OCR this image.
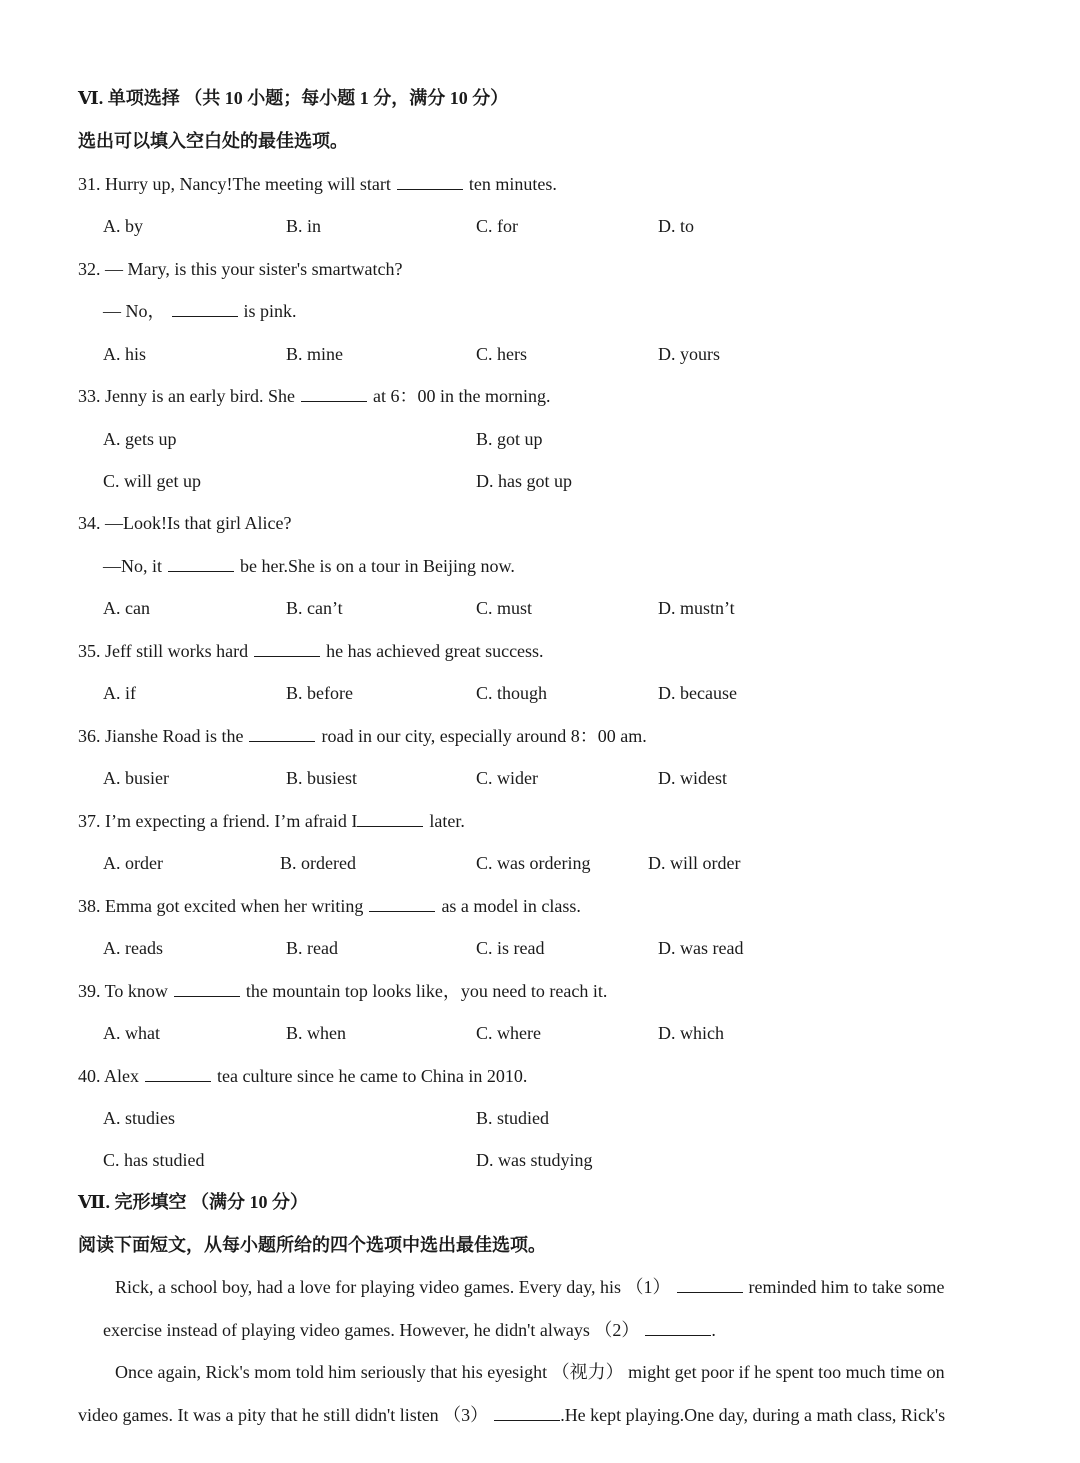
Ⅵ. 单项选择 （共 10 小题；每小题 1 分，满分 10 分）
选出可以填入空白处的最佳选项。
31. Hurry up, Nancy!The meeting will start	ten minutes.
A. by	B. in	C. for	D. to
32. — Mary, is this your sister's smartwatch?
— No，	is pink.
A. his	B. mine	C. hers	D. yours
33. Jenny is an early bird. She	at 6：00 in the morning.
A. gets up	B. got up
C. will get up	D. has got up
34. —Look!Is that girl Alice?
—No, it	be her.She is on a tour in Beijing now.
A. can	B. can’t	C. must	D. mustn’t
35. Jeff still works hard	he has achieved great success.
A. if	B. before	C. though	D. because
36. Jianshe Road is the	road in our city, especially around 8：00 am.
A. busier	B. busiest	C. wider	D. widest
37. I’m expecting a friend. I’m afraid I	later.
A. order	B. ordered	C. was ordering	D. will order
38. Emma got excited when her writing	as a model in class.
A. reads	B. read	C. is read	D. was read
39. To know	the mountain top looks like，you need to reach it.
A. what	B. when	C. where	D. which
40. Alex	tea culture since he came to China in 2010.
A. studies	B. studied
C. has studied	D. was studying
Ⅶ. 完形填空 （满分 10 分）
阅读下面短文，从每小题所给的四个选项中选出最佳选项。
Rick, a school boy, had a love for playing video games. Every day, his （1）	reminded him to take some
exercise instead of playing video games. However, he didn't always （2）	.
Once again, Rick's mom told him seriously that his eyesight （视力） might get poor if he spent too much time on
video games. It was a pity that he still didn't listen （3）	.He kept playing.One day, during a math class, Rick's
